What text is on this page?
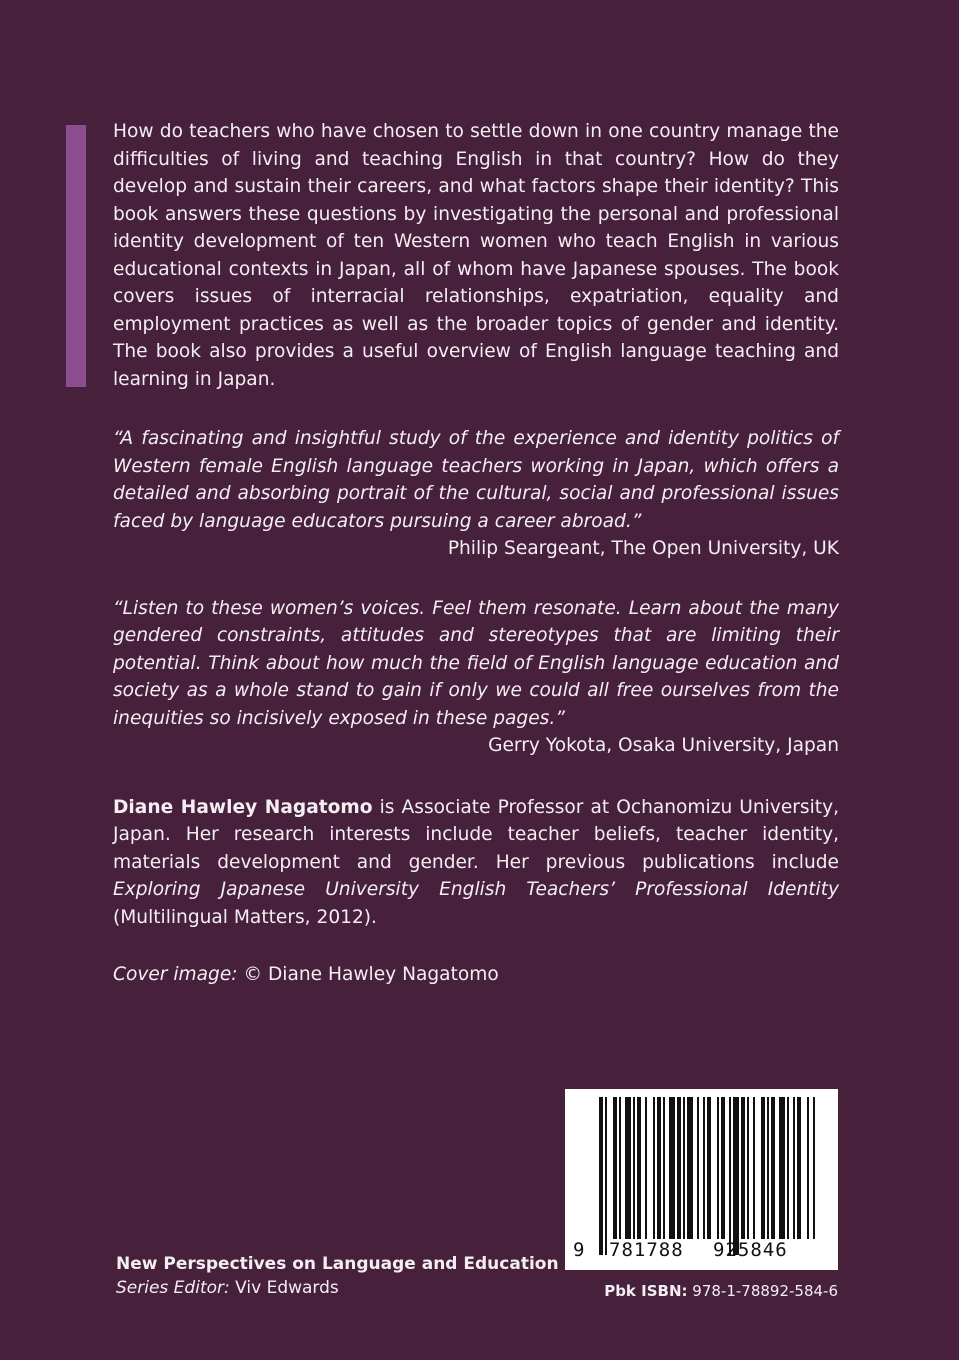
How do teachers who have chosen to settle down in one country manage the difficulties of living and teaching English in that country? How do they develop and sustain their careers, and what factors shape their identity? This book answers these questions by investigating the personal and professional identity development of ten Western women who teach English in various educational contexts in Japan, all of whom have Japanese spouses. The book covers issues of interracial relationships, expatriation, equality and employment practices as well as the broader topics of gender and identity. The book also provides a useful overview of English language teaching and learning in Japan.

“A fascinating and insightful study of the experience and identity politics of Western female English language teachers working in Japan, which offers a detailed and absorbing portrait of the cultural, social and professional issues faced by language educators pursuing a career abroad.”

Philip Seargeant, The Open University, UK

“Listen to these women’s voices. Feel them resonate. Learn about the many gendered constraints, attitudes and stereotypes that are limiting their potential. Think about how much the field of English language education and society as a whole stand to gain if only we could all free ourselves from the inequities so incisively exposed in these pages.”

Gerry Yokota, Osaka University, Japan

Diane Hawley Nagatomo is Associate Professor at Ochanomizu University, Japan. Her research interests include teacher beliefs, teacher identity, materials development and gender. Her previous publications include Exploring Japanese University English Teachers’ Professional Identity (Multilingual Matters, 2012).

Cover image: © Diane Hawley Nagatomo

New Perspectives on Language and Education
Series Editor: Viv Edwards
9 781788 925846
Pbk ISBN: 978-1-78892-584-6
